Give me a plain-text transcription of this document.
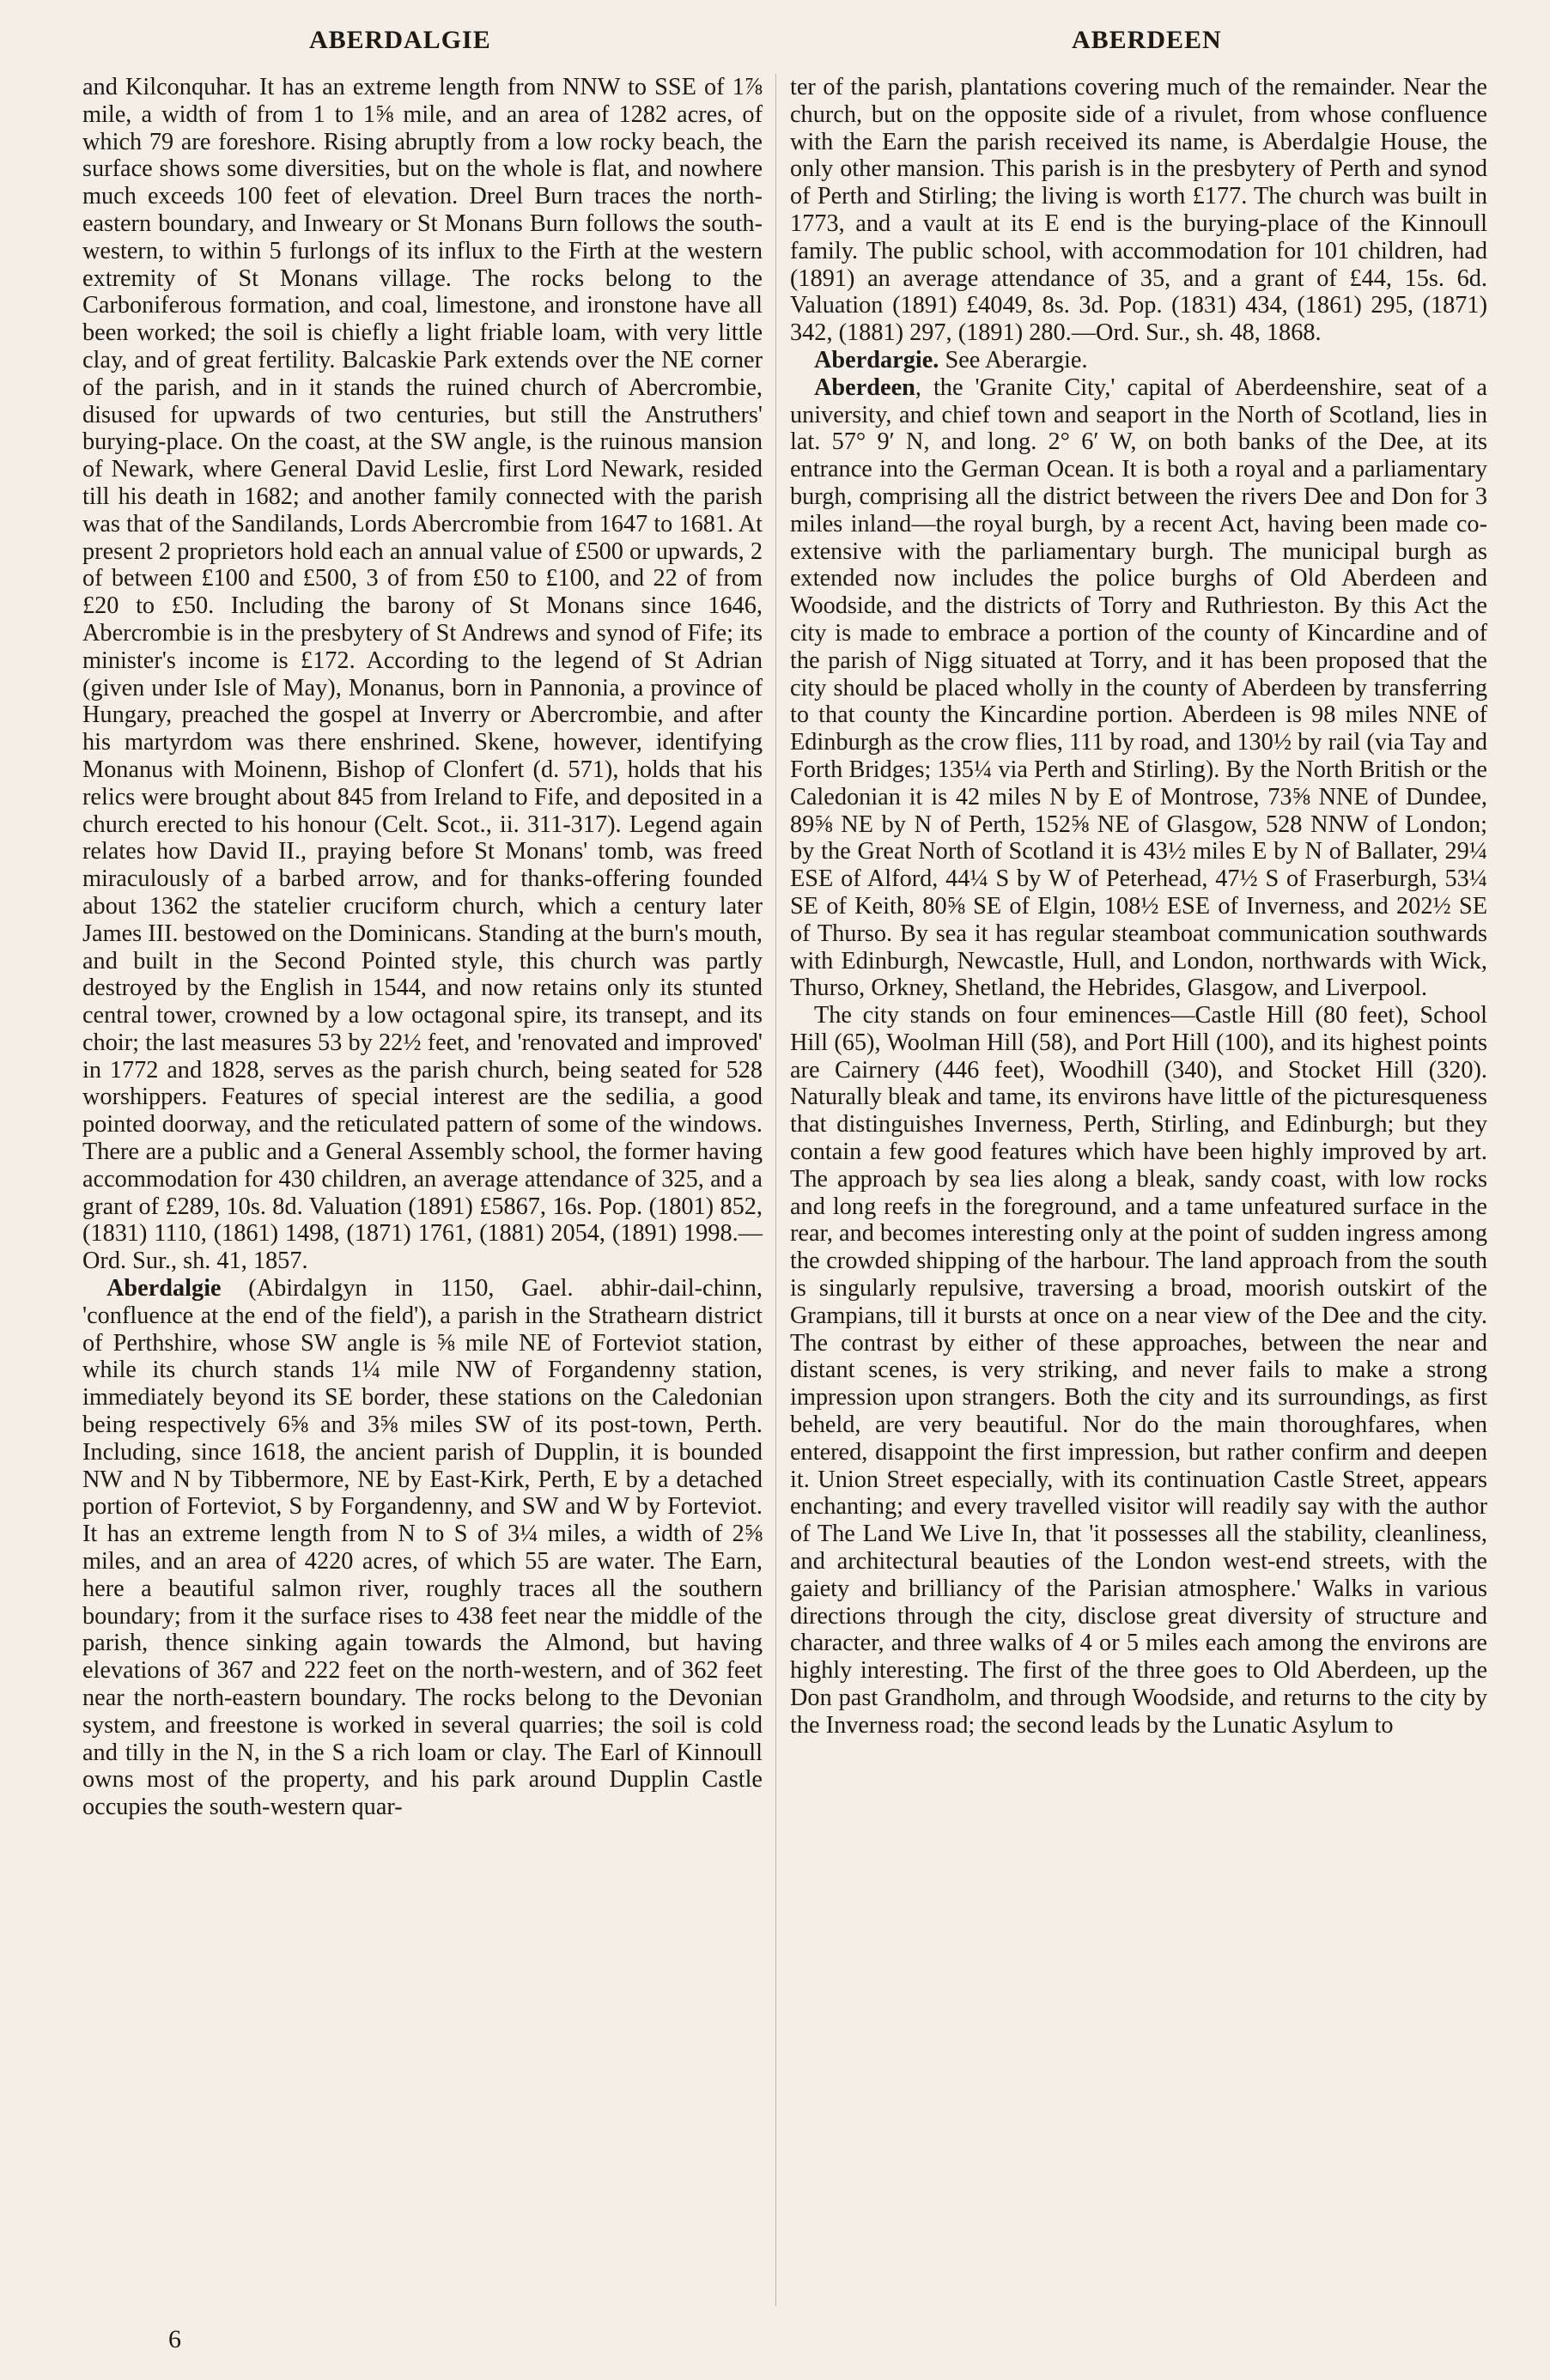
ABERDALGIE	ABERDEEN

and Kilconquhar. It has an extreme length from NNW to SSE of 1⅞ mile, a width of from 1 to 1⅝ mile, and an area of 1282 acres, of which 79 are foreshore. Rising abruptly from a low rocky beach, the surface shows some diversities, but on the whole is flat, and nowhere much exceeds 100 feet of elevation. Dreel Burn traces the north-eastern boundary, and Inweary or St Monans Burn follows the south-western, to within 5 furlongs of its influx to the Firth at the western extremity of St Monans village. The rocks belong to the Carboniferous formation, and coal, limestone, and ironstone have all been worked; the soil is chiefly a light friable loam, with very little clay, and of great fertility. Balcaskie Park extends over the NE corner of the parish, and in it stands the ruined church of Abercrombie, disused for upwards of two centuries, but still the Anstruthers' burying-place. On the coast, at the SW angle, is the ruinous mansion of Newark, where General David Leslie, first Lord Newark, resided till his death in 1682; and another family connected with the parish was that of the Sandilands, Lords Abercrombie from 1647 to 1681. At present 2 proprietors hold each an annual value of £500 or upwards, 2 of between £100 and £500, 3 of from £50 to £100, and 22 of from £20 to £50. Including the barony of St Monans since 1646, Abercrombie is in the presbytery of St Andrews and synod of Fife; its minister's income is £172. According to the legend of St Adrian (given under Isle of May), Monanus, born in Pannonia, a province of Hungary, preached the gospel at Inverry or Abercrombie, and after his martyrdom was there enshrined. Skene, however, identifying Monanus with Moinenn, Bishop of Clonfert (d. 571), holds that his relics were brought about 845 from Ireland to Fife, and deposited in a church erected to his honour (Celt. Scot., ii. 311-317). Legend again relates how David II., praying before St Monans' tomb, was freed miraculously of a barbed arrow, and for thanks-offering founded about 1362 the statelier cruciform church, which a century later James III. bestowed on the Dominicans. Standing at the burn's mouth, and built in the Second Pointed style, this church was partly destroyed by the English in 1544, and now retains only its stunted central tower, crowned by a low octagonal spire, its transept, and its choir; the last measures 53 by 22½ feet, and 'renovated and improved' in 1772 and 1828, serves as the parish church, being seated for 528 worshippers. Features of special interest are the sedilia, a good pointed doorway, and the reticulated pattern of some of the windows. There are a public and a General Assembly school, the former having accommodation for 430 children, an average attendance of 325, and a grant of £289, 10s. 8d. Valuation (1891) £5867, 16s. Pop. (1801) 852, (1831) 1110, (1861) 1498, (1871) 1761, (1881) 2054, (1891) 1998.—Ord. Sur., sh. 41, 1857.

Aberdalgie (Abirdalgyn in 1150, Gael. abhir-dail-chinn, 'confluence at the end of the field'), a parish in the Strathearn district of Perthshire, whose SW angle is ⅝ mile NE of Forteviot station, while its church stands 1¼ mile NW of Forgandenny station, immediately beyond its SE border, these stations on the Caledonian being respectively 6⅝ and 3⅝ miles SW of its post-town, Perth. Including, since 1618, the ancient parish of Dupplin, it is bounded NW and N by Tibbermore, NE by East-Kirk, Perth, E by a detached portion of Forteviot, S by Forgandenny, and SW and W by Forteviot. It has an extreme length from N to S of 3¼ miles, a width of 2⅝ miles, and an area of 4220 acres, of which 55 are water. The Earn, here a beautiful salmon river, roughly traces all the southern boundary; from it the surface rises to 438 feet near the middle of the parish, thence sinking again towards the Almond, but having elevations of 367 and 222 feet on the north-western, and of 362 feet near the north-eastern boundary. The rocks belong to the Devonian system, and freestone is worked in several quarries; the soil is cold and tilly in the N, in the S a rich loam or clay. The Earl of Kinnoull owns most of the property, and his park around Dupplin Castle occupies the south-western quar-

ter of the parish, plantations covering much of the remainder. Near the church, but on the opposite side of a rivulet, from whose confluence with the Earn the parish received its name, is Aberdalgie House, the only other mansion. This parish is in the presbytery of Perth and synod of Perth and Stirling; the living is worth £177. The church was built in 1773, and a vault at its E end is the burying-place of the Kinnoull family. The public school, with accommodation for 101 children, had (1891) an average attendance of 35, and a grant of £44, 15s. 6d. Valuation (1891) £4049, 8s. 3d. Pop. (1831) 434, (1861) 295, (1871) 342, (1881) 297, (1891) 280.—Ord. Sur., sh. 48, 1868.

Aberdargie. See Aberargie.

Aberdeen, the 'Granite City,' capital of Aberdeenshire, seat of a university, and chief town and seaport in the North of Scotland, lies in lat. 57° 9′ N, and long. 2° 6′ W, on both banks of the Dee, at its entrance into the German Ocean. It is both a royal and a parliamentary burgh, comprising all the district between the rivers Dee and Don for 3 miles inland—the royal burgh, by a recent Act, having been made co-extensive with the parliamentary burgh. The municipal burgh as extended now includes the police burghs of Old Aberdeen and Woodside, and the districts of Torry and Ruthrieston. By this Act the city is made to embrace a portion of the county of Kincardine and of the parish of Nigg situated at Torry, and it has been proposed that the city should be placed wholly in the county of Aberdeen by transferring to that county the Kincardine portion. Aberdeen is 98 miles NNE of Edinburgh as the crow flies, 111 by road, and 130½ by rail (via Tay and Forth Bridges; 135¼ via Perth and Stirling). By the North British or the Caledonian it is 42 miles N by E of Montrose, 73⅝ NNE of Dundee, 89⅝ NE by N of Perth, 152⅝ NE of Glasgow, 528 NNW of London; by the Great North of Scotland it is 43½ miles E by N of Ballater, 29¼ ESE of Alford, 44¼ S by W of Peterhead, 47½ S of Fraserburgh, 53¼ SE of Keith, 80⅝ SE of Elgin, 108½ ESE of Inverness, and 202½ SE of Thurso. By sea it has regular steamboat communication southwards with Edinburgh, Newcastle, Hull, and London, northwards with Wick, Thurso, Orkney, Shetland, the Hebrides, Glasgow, and Liverpool.

The city stands on four eminences—Castle Hill (80 feet), School Hill (65), Woolman Hill (58), and Port Hill (100), and its highest points are Cairnery (446 feet), Woodhill (340), and Stocket Hill (320). Naturally bleak and tame, its environs have little of the picturesqueness that distinguishes Inverness, Perth, Stirling, and Edinburgh; but they contain a few good features which have been highly improved by art. The approach by sea lies along a bleak, sandy coast, with low rocks and long reefs in the foreground, and a tame unfeatured surface in the rear, and becomes interesting only at the point of sudden ingress among the crowded shipping of the harbour. The land approach from the south is singularly repulsive, traversing a broad, moorish outskirt of the Grampians, till it bursts at once on a near view of the Dee and the city. The contrast by either of these approaches, between the near and distant scenes, is very striking, and never fails to make a strong impression upon strangers. Both the city and its surroundings, as first beheld, are very beautiful. Nor do the main thoroughfares, when entered, disappoint the first impression, but rather confirm and deepen it. Union Street especially, with its continuation Castle Street, appears enchanting; and every travelled visitor will readily say with the author of The Land We Live In, that 'it possesses all the stability, cleanliness, and architectural beauties of the London west-end streets, with the gaiety and brilliancy of the Parisian atmosphere.' Walks in various directions through the city, disclose great diversity of structure and character, and three walks of 4 or 5 miles each among the environs are highly interesting. The first of the three goes to Old Aberdeen, up the Don past Grandholm, and through Woodside, and returns to the city by the Inverness road; the second leads by the Lunatic Asylum to

6
